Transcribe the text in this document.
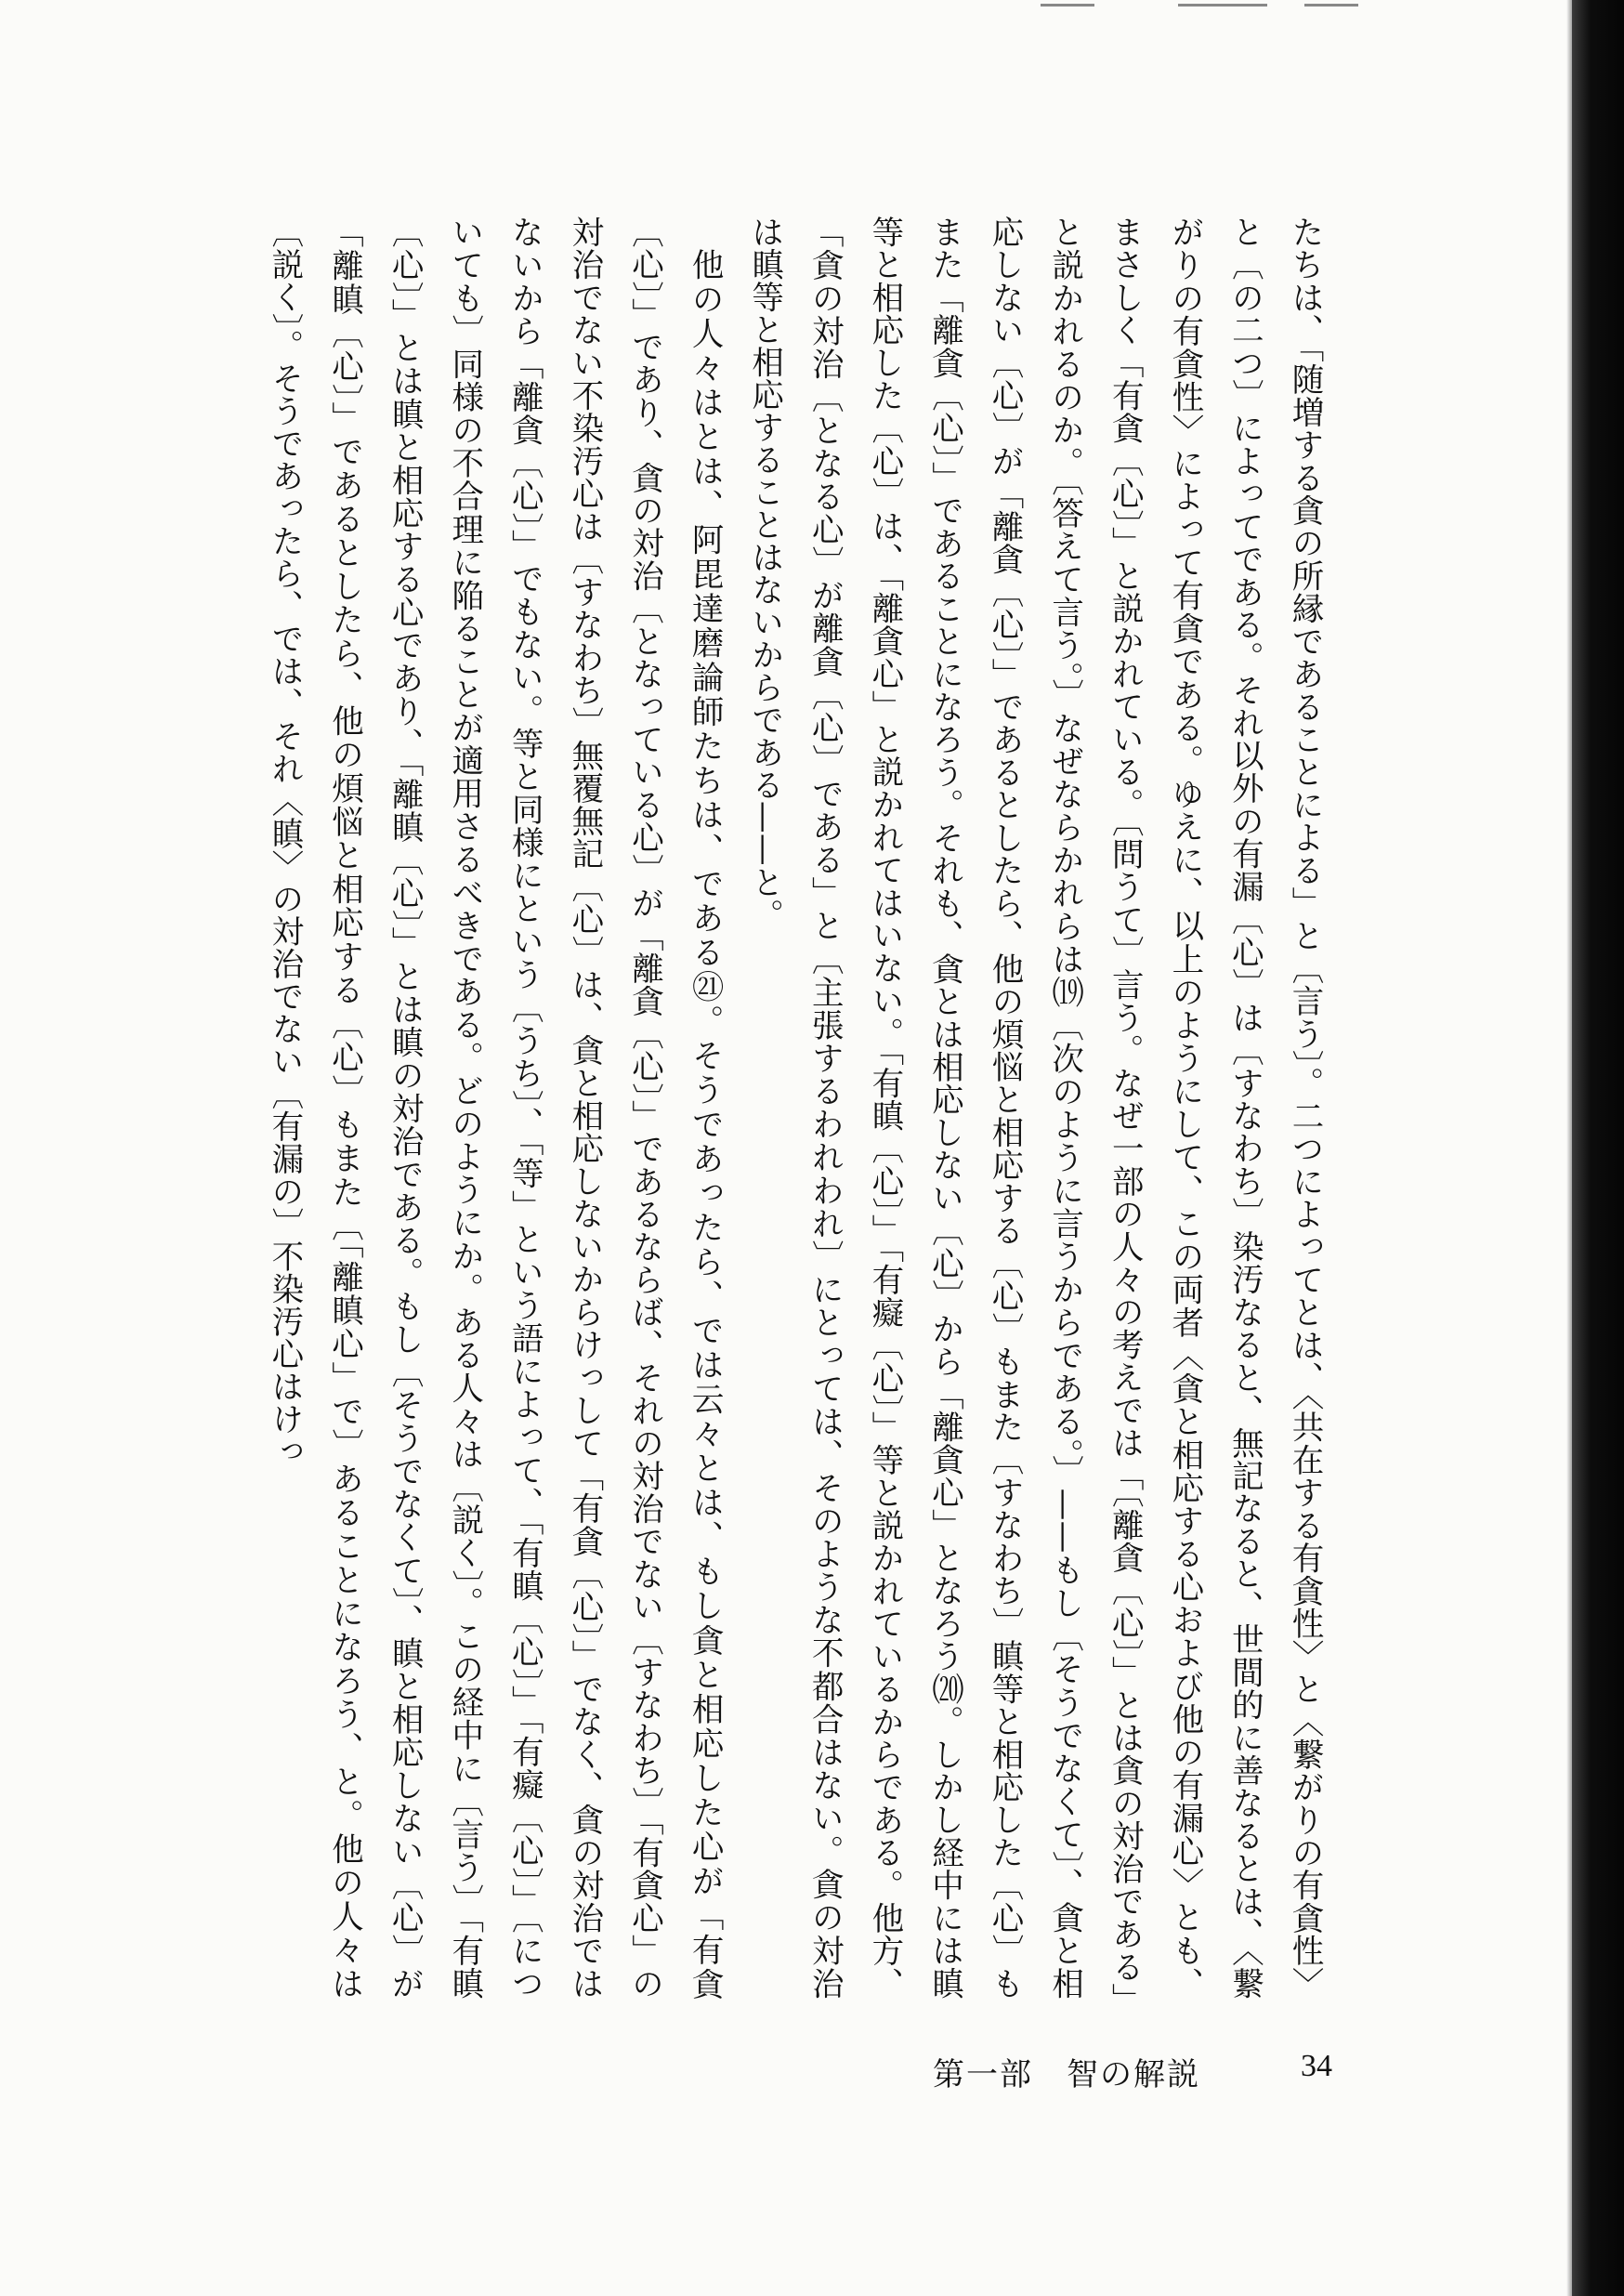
たちは、「随増する貪の所縁であることによる」と〔言う〕。二つによってとは、〈共在する有貪性〉と〈繋がりの有貪性〉と〔の二つ〕によってである。それ以外の有漏〔心〕は〔すなわち〕染汚なると、無記なると、世間的に善なるとは、〈繋がりの有貪性〉によって有貪である。ゆえに、以上のようにして、この両者〈貪と相応する心および他の有漏心〉とも、まさしく「有貪〔心〕」と説かれている。〔問うて〕言う。なぜ一部の人々の考えでは「〔離貪〔心〕」とは貪の対治である」と説かれるのか。〔答えて言う。〕なぜならかれらは⒆〔次のように言うからである。〕——もし〔そうでなくて〕、貪と相応しない〔心〕が「離貪〔心〕」であるとしたら、他の煩悩と相応する〔心〕もまた〔すなわち〕瞋等と相応した〔心〕もまた「離貪〔心〕」であることになろう。それも、貪とは相応しない〔心〕から「離貪心」となろう⒇。しかし経中には瞋等と相応した〔心〕は、「離貪心」と説かれてはいない。「有瞋〔心〕」「有癡〔心〕」等と説かれているからである。他方、「貪の対治〔となる心〕が離貪〔心〕である」と〔主張するわれわれ〕にとっては、そのような不都合はない。貪の対治は瞋等と相応することはないからである——と。

他の人々はとは、阿毘達磨論師たちは、である㉑。そうであったら、では云々とは、もし貪と相応した心が「有貪〔心〕」であり、貪の対治〔となっている心〕が「離貪〔心〕」であるならば、それの対治でない〔すなわち〕「有貪心」の対治でない不染汚心は〔すなわち〕無覆無記〔心〕は、貪と相応しないからけっして「有貪〔心〕」でなく、貪の対治ではないから「離貪〔心〕」でもない。等と同様にという〔うち〕、「等」という語によって、「有瞋〔心〕」「有癡〔心〕」〔についても〕同様の不合理に陥ることが適用さるべきである。どのようにか。ある人々は〔説く〕。この経中に〔言う〕「有瞋〔心〕」とは瞋と相応する心であり、「離瞋〔心〕」とは瞋の対治である。もし〔そうでなくて〕、瞋と相応しない〔心〕が「離瞋〔心〕」であるとしたら、他の煩悩と相応する〔心〕もまた〔「離瞋心」で〕あることになろう、と。他の人々は〔説く〕。そうであったら、では、それ〈瞋〉の対治でない〔有漏の〕不染汚心はけっ

第一部　智の解説	34
